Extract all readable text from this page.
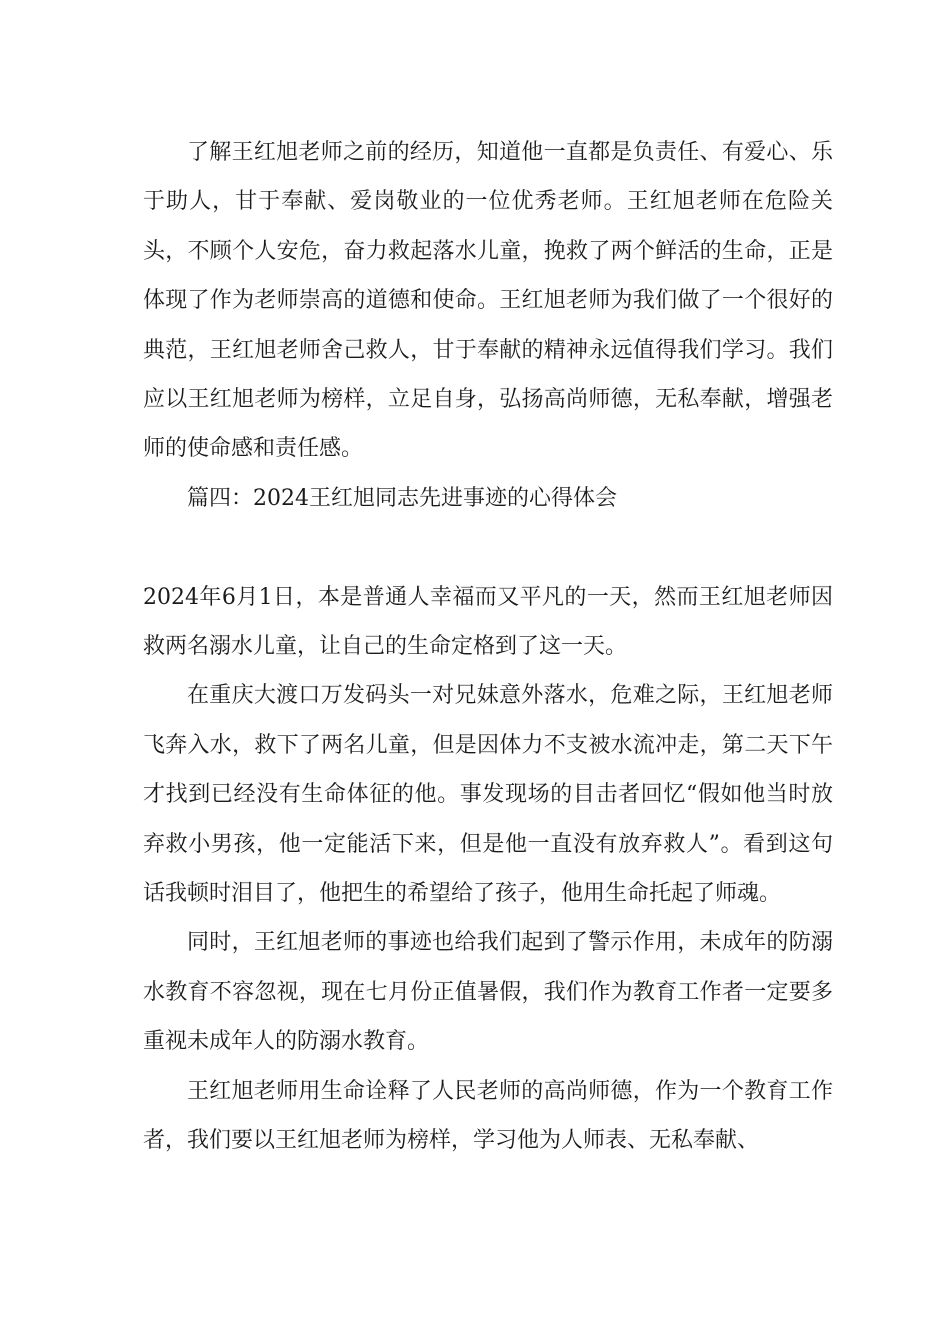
了解王红旭老师之前的经历，知道他一直都是负责任、有爱心、乐于助人，甘于奉献、爱岗敬业的一位优秀老师。王红旭老师在危险关头，不顾个人安危，奋力救起落水儿童，挽救了两个鲜活的生命，正是体现了作为老师崇高的道德和使命。王红旭老师为我们做了一个很好的典范，王红旭老师舍己救人，甘于奉献的精神永远值得我们学习。我们应以王红旭老师为榜样，立足自身，弘扬高尚师德，无私奉献，增强老师的使命感和责任感。

篇四：2024王红旭同志先进事迹的心得体会

2024年6月1日，本是普通人幸福而又平凡的一天，然而王红旭老师因救两名溺水儿童，让自己的生命定格到了这一天。

在重庆大渡口万发码头一对兄妹意外落水，危难之际，王红旭老师飞奔入水，救下了两名儿童，但是因体力不支被水流冲走，第二天下午才找到已经没有生命体征的他。事发现场的目击者回忆“假如他当时放弃救小男孩，他一定能活下来，但是他一直没有放弃救人”。看到这句话我顿时泪目了，他把生的希望给了孩子，他用生命托起了师魂。

同时，王红旭老师的事迹也给我们起到了警示作用，未成年的防溺水教育不容忽视，现在七月份正值暑假，我们作为教育工作者一定要多重视未成年人的防溺水教育。

王红旭老师用生命诠释了人民老师的高尚师德，作为一个教育工作者，我们要以王红旭老师为榜样，学习他为人师表、无私奉献、
